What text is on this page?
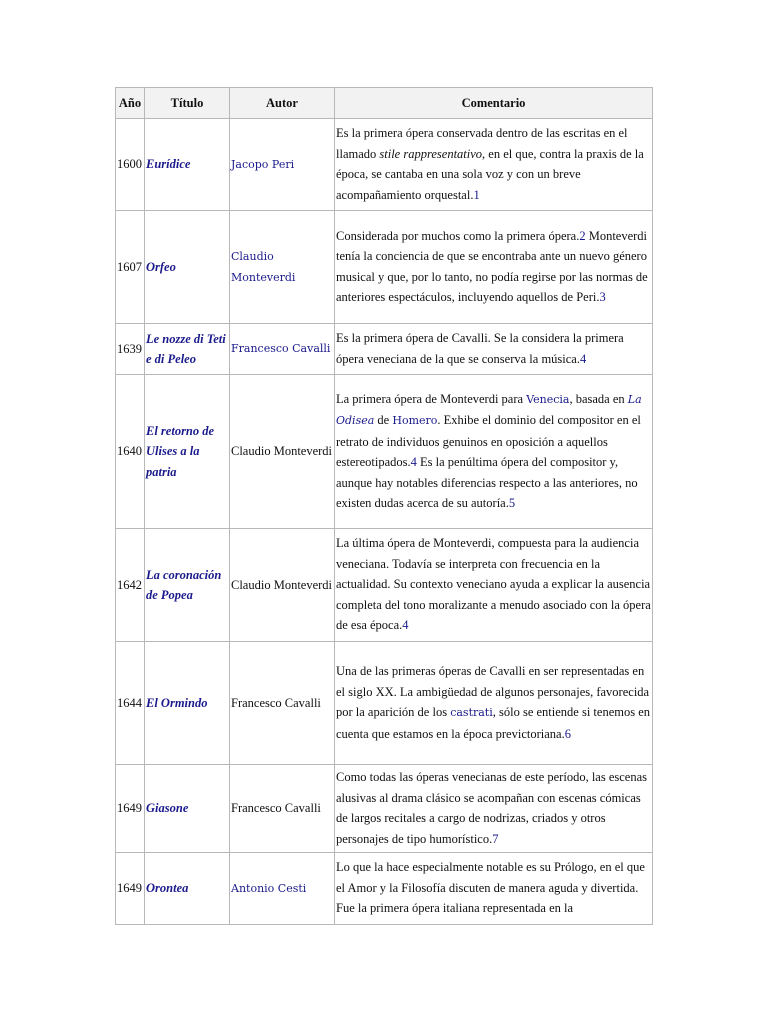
Año	Título	Autor	Comentario
1600	Eurídice	Jacopo Peri	Es la primera ópera conservada dentro de las escritas en el llamado stile rappresentativo, en el que, contra la praxis de la época, se cantaba en una sola voz y con un breve acompañamiento orquestal.1
1607	Orfeo	Claudio Monteverdi	Considerada por muchos como la primera ópera.2 Monteverdi tenía la conciencia de que se encontraba ante un nuevo género musical y que, por lo tanto, no podía regirse por las normas de anteriores espectáculos, incluyendo aquellos de Peri.3
1639	Le nozze di Teti e di Peleo	Francesco Cavalli	Es la primera ópera de Cavalli. Se la considera la primera ópera veneciana de la que se conserva la música.4
1640	El retorno de Ulises a la patria	Claudio Monteverdi	La primera ópera de Monteverdi para Venecia, basada en La Odisea de Homero. Exhibe el dominio del compositor en el retrato de individuos genuinos en oposición a aquellos estereotipados.4 Es la penúltima ópera del compositor y, aunque hay notables diferencias respecto a las anteriores, no existen dudas acerca de su autoría.5
1642	La coronación de Popea	Claudio Monteverdi	La última ópera de Monteverdi, compuesta para la audiencia veneciana. Todavía se interpreta con frecuencia en la actualidad. Su contexto veneciano ayuda a explicar la ausencia completa del tono moralizante a menudo asociado con la ópera de esa época.4
1644	El Ormindo	Francesco Cavalli	Una de las primeras óperas de Cavalli en ser representadas en el siglo XX. La ambigüedad de algunos personajes, favorecida por la aparición de los castrati, sólo se entiende si tenemos en cuenta que estamos en la época previctoriana.6
1649	Giasone	Francesco Cavalli	Como todas las óperas venecianas de este período, las escenas alusivas al drama clásico se acompañan con escenas cómicas de largos recitales a cargo de nodrizas, criados y otros personajes de tipo humorístico.7
1649	Orontea	Antonio Cesti	Lo que la hace especialmente notable es su Prólogo, en el que el Amor y la Filosofía discuten de manera aguda y divertida. Fue la primera ópera italiana representada en la
